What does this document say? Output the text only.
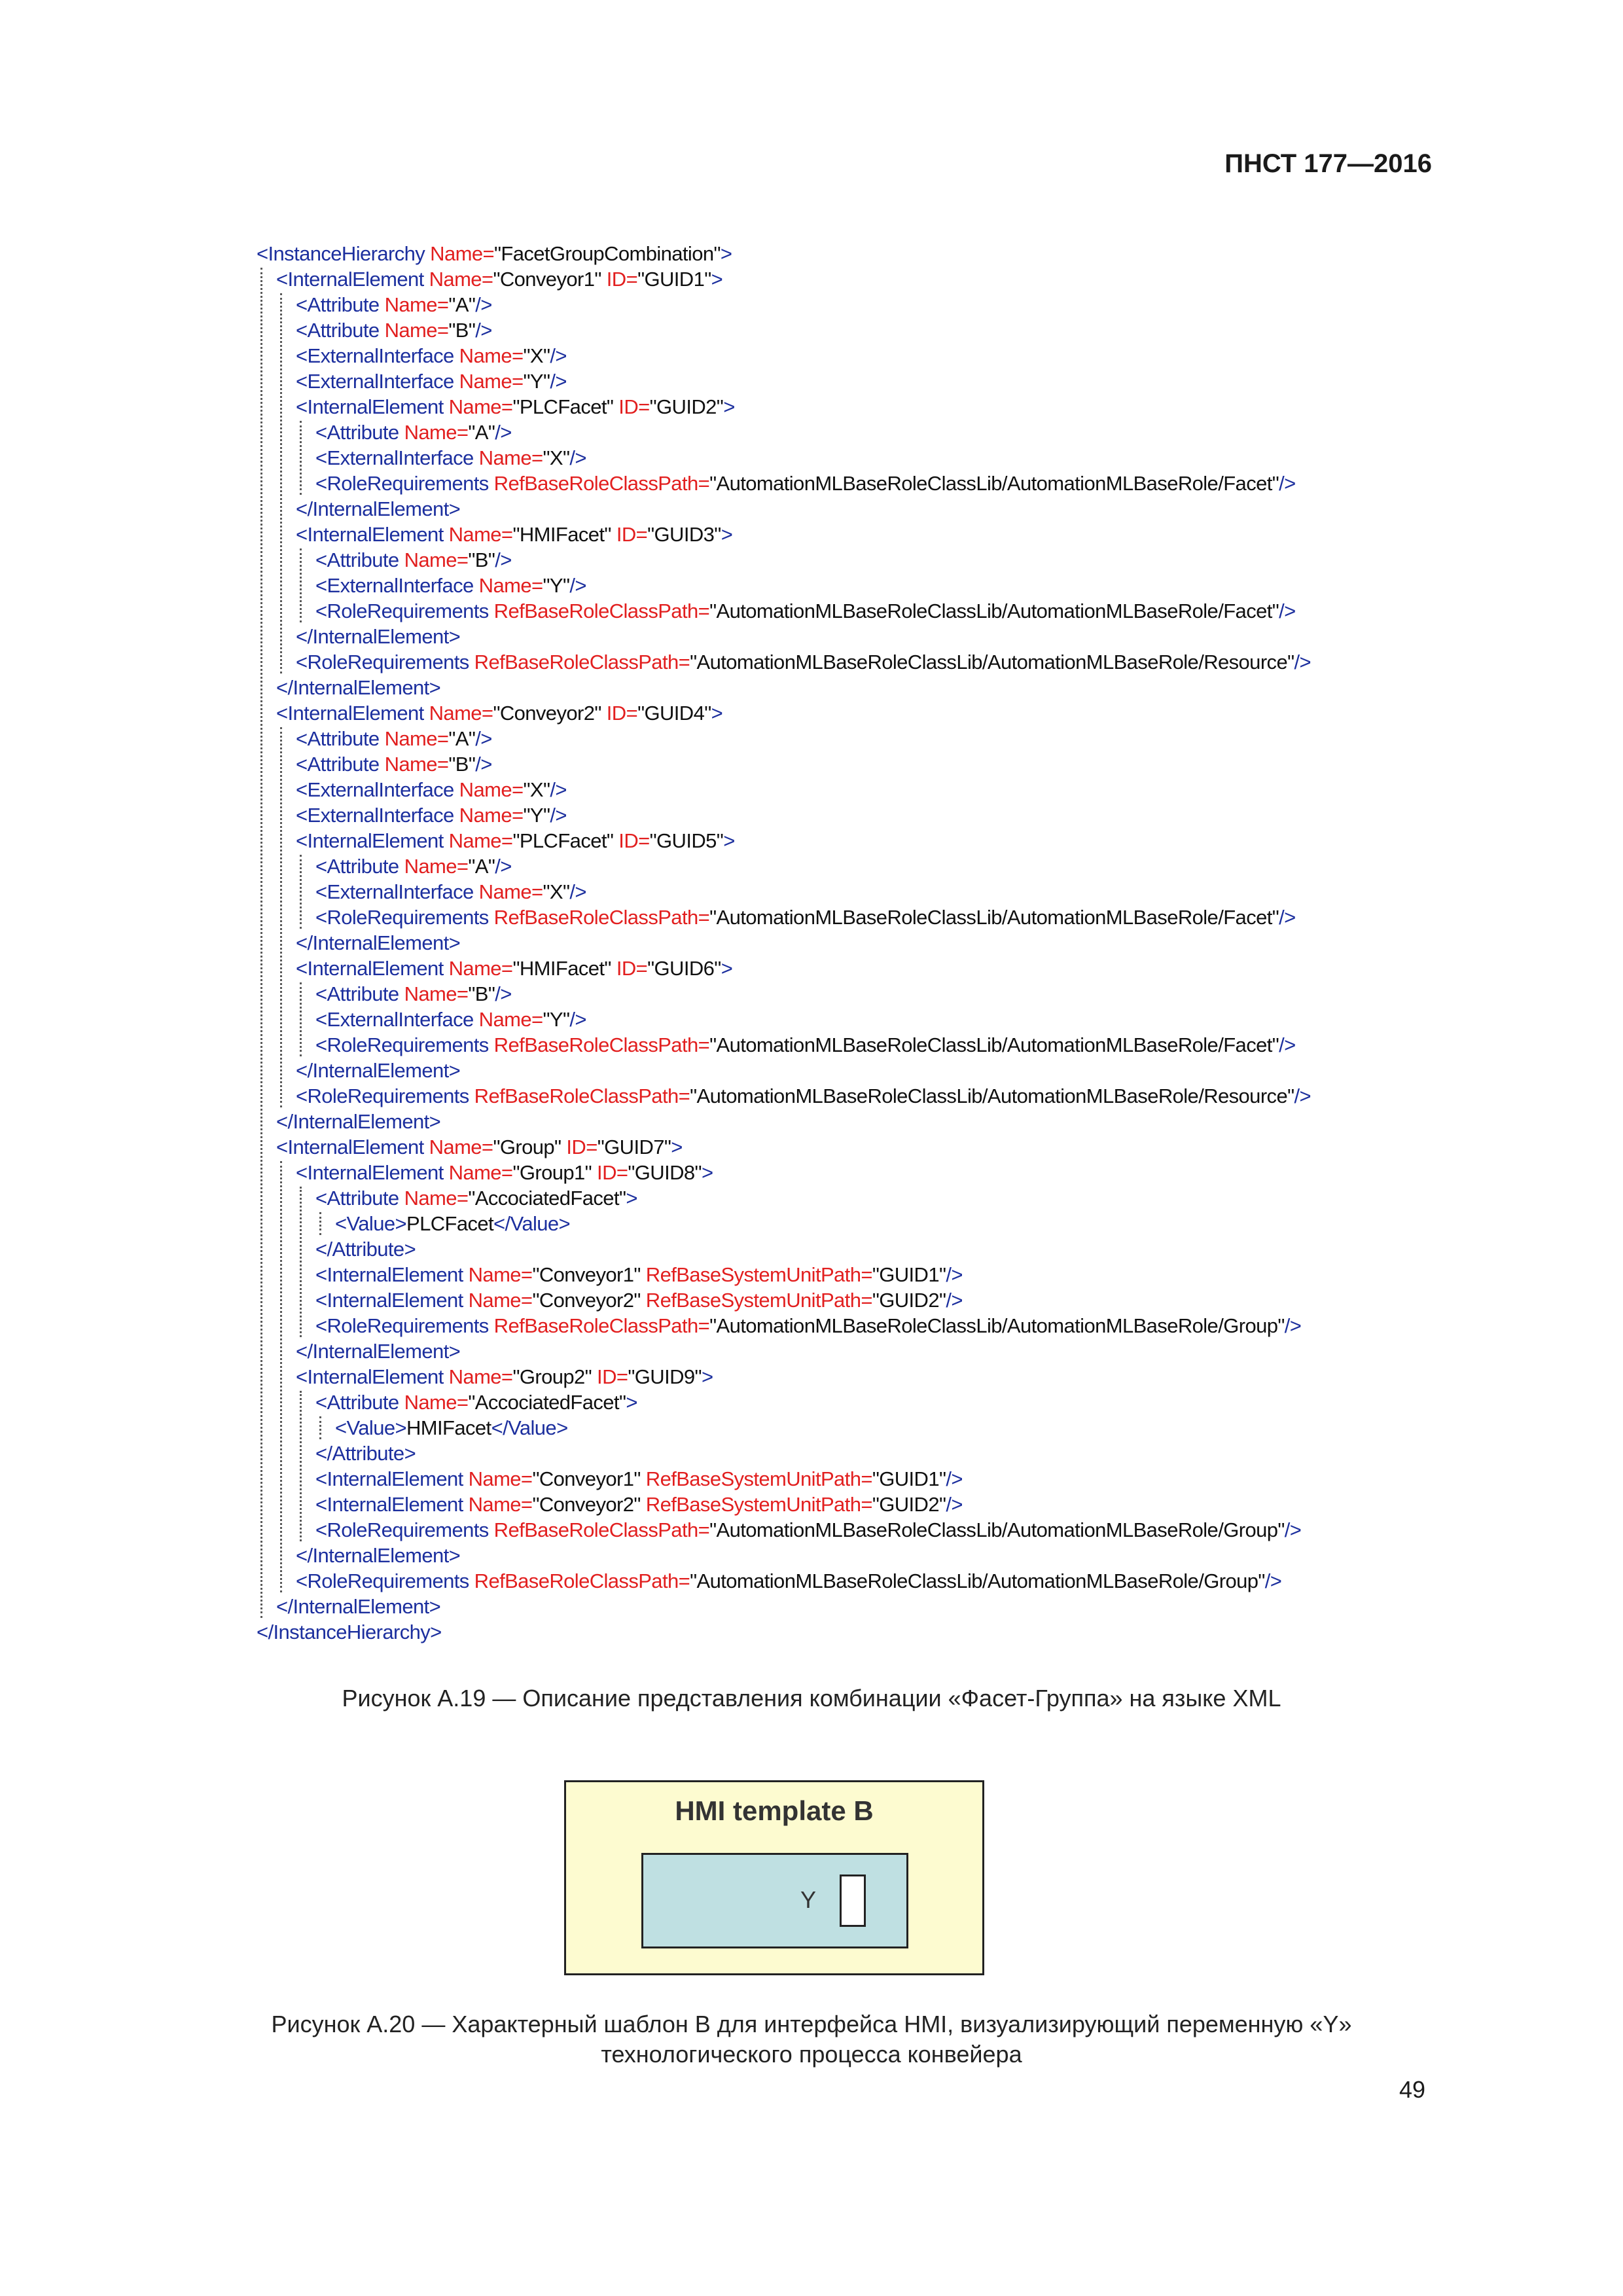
ПНСТ 177—2016
<InstanceHierarchy Name="FacetGroupCombination">
<InternalElement Name="Conveyor1" ID="GUID1">
<Attribute Name="A"/>
<Attribute Name="B"/>
<ExternalInterface Name="X"/>
<ExternalInterface Name="Y"/>
<InternalElement Name="PLCFacet" ID="GUID2">
<Attribute Name="A"/>
<ExternalInterface Name="X"/>
<RoleRequirements RefBaseRoleClassPath="AutomationMLBaseRoleClassLib/AutomationMLBaseRole/Facet"/>
</InternalElement>
<InternalElement Name="HMIFacet" ID="GUID3">
<Attribute Name="B"/>
<ExternalInterface Name="Y"/>
<RoleRequirements RefBaseRoleClassPath="AutomationMLBaseRoleClassLib/AutomationMLBaseRole/Facet"/>
</InternalElement>
<RoleRequirements RefBaseRoleClassPath="AutomationMLBaseRoleClassLib/AutomationMLBaseRole/Resource"/>
</InternalElement>
<InternalElement Name="Conveyor2" ID="GUID4">
<Attribute Name="A"/>
<Attribute Name="B"/>
<ExternalInterface Name="X"/>
<ExternalInterface Name="Y"/>
<InternalElement Name="PLCFacet" ID="GUID5">
<Attribute Name="A"/>
<ExternalInterface Name="X"/>
<RoleRequirements RefBaseRoleClassPath="AutomationMLBaseRoleClassLib/AutomationMLBaseRole/Facet"/>
</InternalElement>
<InternalElement Name="HMIFacet" ID="GUID6">
<Attribute Name="B"/>
<ExternalInterface Name="Y"/>
<RoleRequirements RefBaseRoleClassPath="AutomationMLBaseRoleClassLib/AutomationMLBaseRole/Facet"/>
</InternalElement>
<RoleRequirements RefBaseRoleClassPath="AutomationMLBaseRoleClassLib/AutomationMLBaseRole/Resource"/>
</InternalElement>
<InternalElement Name="Group" ID="GUID7">
<InternalElement Name="Group1" ID="GUID8">
<Attribute Name="AccociatedFacet">
<Value>PLCFacet</Value>
</Attribute>
<InternalElement Name="Conveyor1" RefBaseSystemUnitPath="GUID1"/>
<InternalElement Name="Conveyor2" RefBaseSystemUnitPath="GUID2"/>
<RoleRequirements RefBaseRoleClassPath="AutomationMLBaseRoleClassLib/AutomationMLBaseRole/Group"/>
</InternalElement>
<InternalElement Name="Group2" ID="GUID9">
<Attribute Name="AccociatedFacet">
<Value>HMIFacet</Value>
</Attribute>
<InternalElement Name="Conveyor1" RefBaseSystemUnitPath="GUID1"/>
<InternalElement Name="Conveyor2" RefBaseSystemUnitPath="GUID2"/>
<RoleRequirements RefBaseRoleClassPath="AutomationMLBaseRoleClassLib/AutomationMLBaseRole/Group"/>
</InternalElement>
<RoleRequirements RefBaseRoleClassPath="AutomationMLBaseRoleClassLib/AutomationMLBaseRole/Group"/>
</InternalElement>
</InstanceHierarchy>
Рисунок А.19 — Описание представления комбинации «Фасет-Группа» на языке XML
HMI template B
Y
Рисунок А.20 — Характерный шаблон В для интерфейса HMI, визуализирующий переменную «Y»
технологического процесса конвейера
49
